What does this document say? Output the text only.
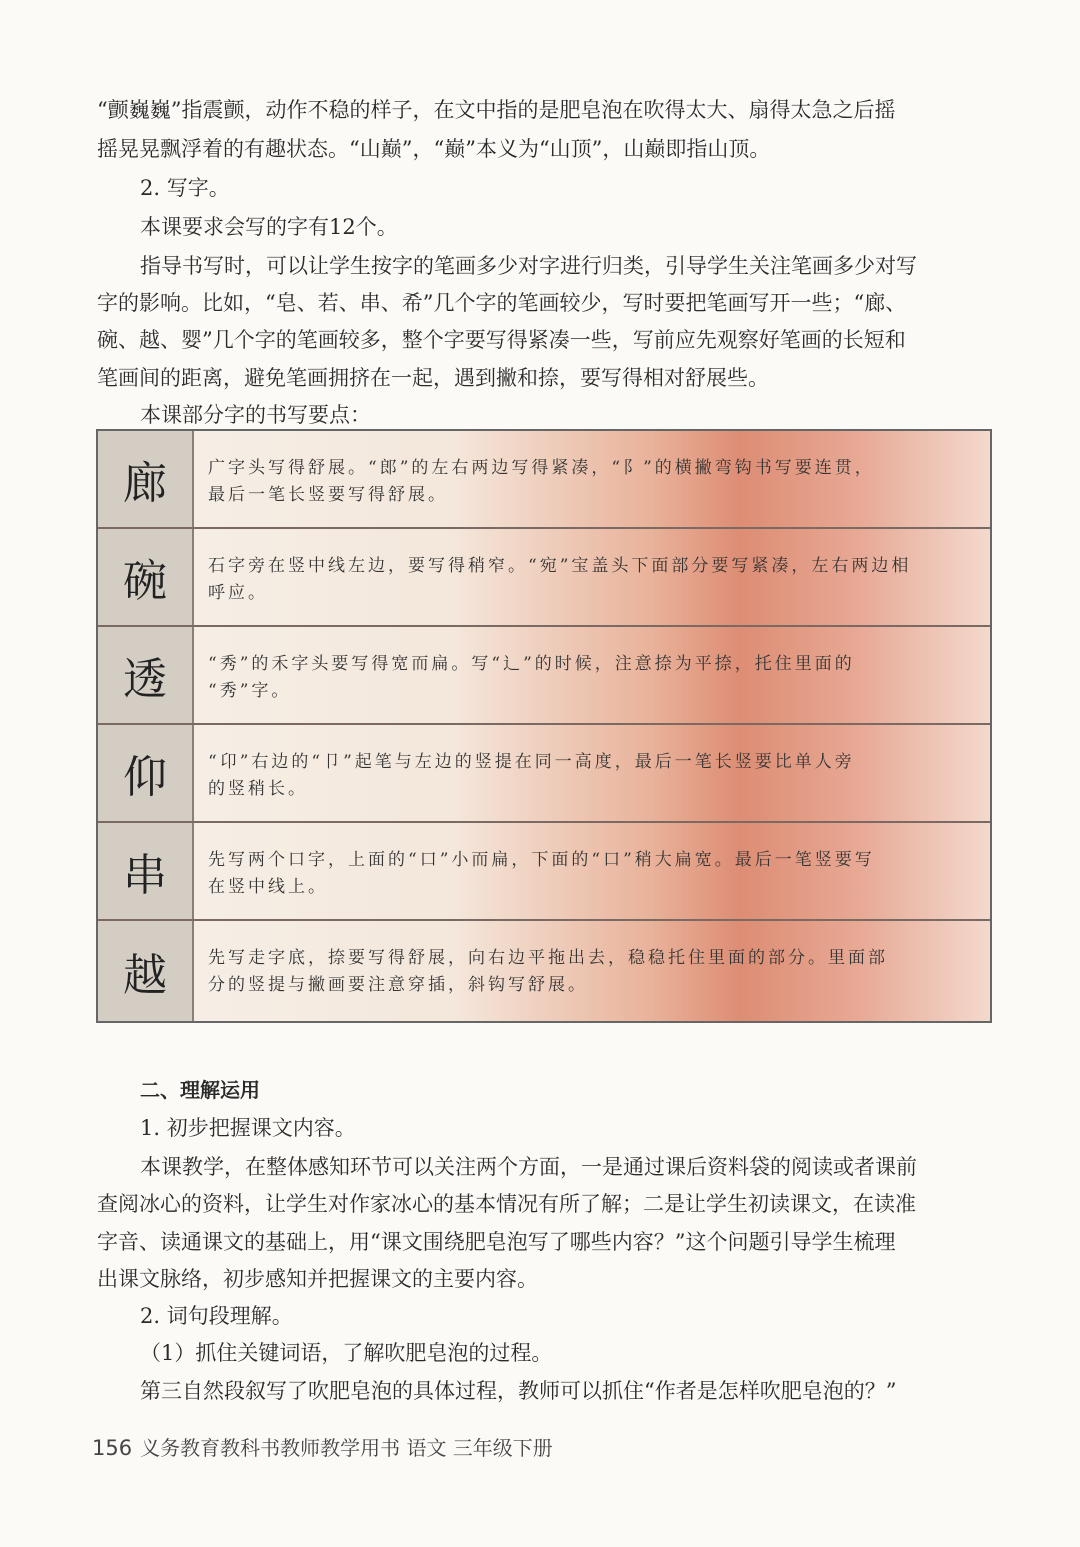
“颤巍巍”指震颤，动作不稳的样子，在文中指的是肥皂泡在吹得太大、扇得太急之后摇

摇晃晃飘浮着的有趣状态。“山巅”，“巅”本义为“山顶”，山巅即指山顶。

2. 写字。

本课要求会写的字有12个。

指导书写时，可以让学生按字的笔画多少对字进行归类，引导学生关注笔画多少对写

字的影响。比如，“皂、若、串、希”几个字的笔画较少，写时要把笔画写开一些；“廊、

碗、越、婴”几个字的笔画较多，整个字要写得紧凑一些，写前应先观察好笔画的长短和

笔画间的距离，避免笔画拥挤在一起，遇到撇和捺，要写得相对舒展些。

本课部分字的书写要点：

廊	广字头写得舒展。“郎”的左右两边写得紧凑，“阝”的横撇弯钩书写要连贯，
最后一笔长竖要写得舒展。
碗	石字旁在竖中线左边，要写得稍窄。“宛”宝盖头下面部分要写紧凑，左右两边相
呼应。
透	“秀”的禾字头要写得宽而扁。写“辶”的时候，注意捺为平捺，托住里面的
“秀”字。
仰	“卬”右边的“卩”起笔与左边的竖提在同一高度，最后一笔长竖要比单人旁
的竖稍长。
串	先写两个口字，上面的“口”小而扁，下面的“口”稍大扁宽。最后一笔竖要写
在竖中线上。
越	先写走字底，捺要写得舒展，向右边平拖出去，稳稳托住里面的部分。里面部
分的竖提与撇画要注意穿插，斜钩写舒展。

二、理解运用

1. 初步把握课文内容。

本课教学，在整体感知环节可以关注两个方面，一是通过课后资料袋的阅读或者课前

查阅冰心的资料，让学生对作家冰心的基本情况有所了解；二是让学生初读课文，在读准

字音、读通课文的基础上，用“课文围绕肥皂泡写了哪些内容？”这个问题引导学生梳理

出课文脉络，初步感知并把握课文的主要内容。

2. 词句段理解。

（1）抓住关键词语，了解吹肥皂泡的过程。

第三自然段叙写了吹肥皂泡的具体过程，教师可以抓住“作者是怎样吹肥皂泡的？”

156 义务教育教科书教师教学用书 语文 三年级下册
